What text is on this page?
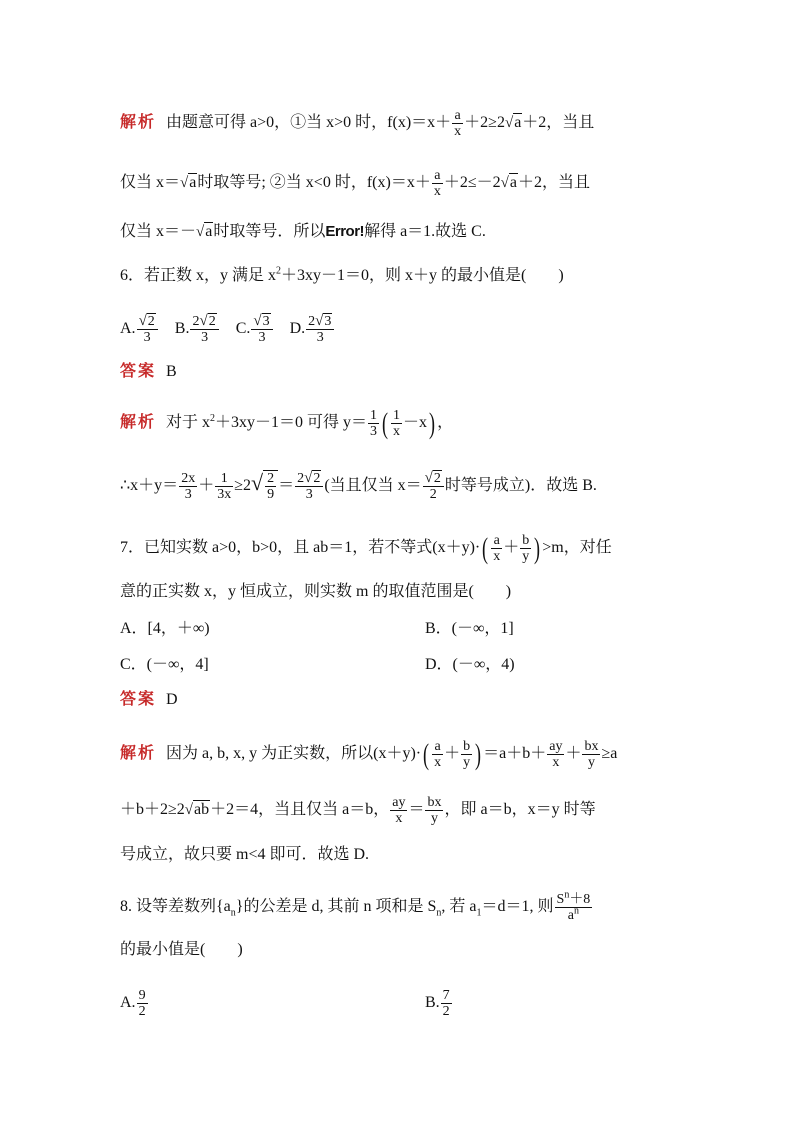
解析 由题意可得 a>0，①当 x>0 时，$f(x)=x+ \frac{a}{x} +2\ge 2√a+2$，当且
仅当 x＝√a时取等号; ②当 x<0 时，$f(x)=x+ \frac{a}{x} +2\le-2√a+2$，当且
仅当 x＝－√a时取等号．所以Error!解得 a＝1.故选 C.
6．若正数 x，y 满足 $x^2+3xy-1=0$，则 x＋y 的最小值是(　　)
A. $\frac{√2}{3} B$. $\frac{2√2}{3} C$. $\frac{√3}{3} D$. $\frac{2√3}{3}$
答案 B
解析 对于 $x^2+3xy-1=0$ 可得 $y= \frac{1}{3}$ ( $\frac{1}{x} -x$) ，
∴x＋y＝ $\frac{2x}{3} + \frac{1}{3x} \ge 2√ \frac{2}{9} = \frac{2√2}{3}$ (当且仅当 $x= \frac{√2}{2}$ 时等号成立)．故选 B.
7．已知实数 a>0，b>0，且 ab＝1，若不等式$(x+y)\cdot( \frac{a}{x} + \frac{b}{y}$ ) >m，对任
意的正实数 x，y 恒成立，则实数 m 的取值范围是(　　)
A．[4，＋∞)	B．(－∞，1]
C．(－∞，4]	D．(－∞，4)
答案 D
解析 因为 a, b, x, y 为正实数，所以$(x+y)\cdot( \frac{a}{x} + \frac{b}{y}$ ) $=a+b+ \frac{ay}{x} + \frac{bx}{y} \ge a$
＋b＋2≥2√ab＋2＝4，当且仅当 a＝b， $\frac{ay}{x} = \frac{bx}{y}$ ，即 a＝b，x＝y 时等
号成立，故只要 m<4 即可．故选 D.
8. 设等差数列$\{a_n\}$的公差是 d, 其前 n 项和是 $S_n$, 若 $a_1=d=1$, 则 $\frac{S^n+8}{a^n}$
的最小值是(　　)
A. $\frac{9}{2}$	B. $\frac{7}{2}$
